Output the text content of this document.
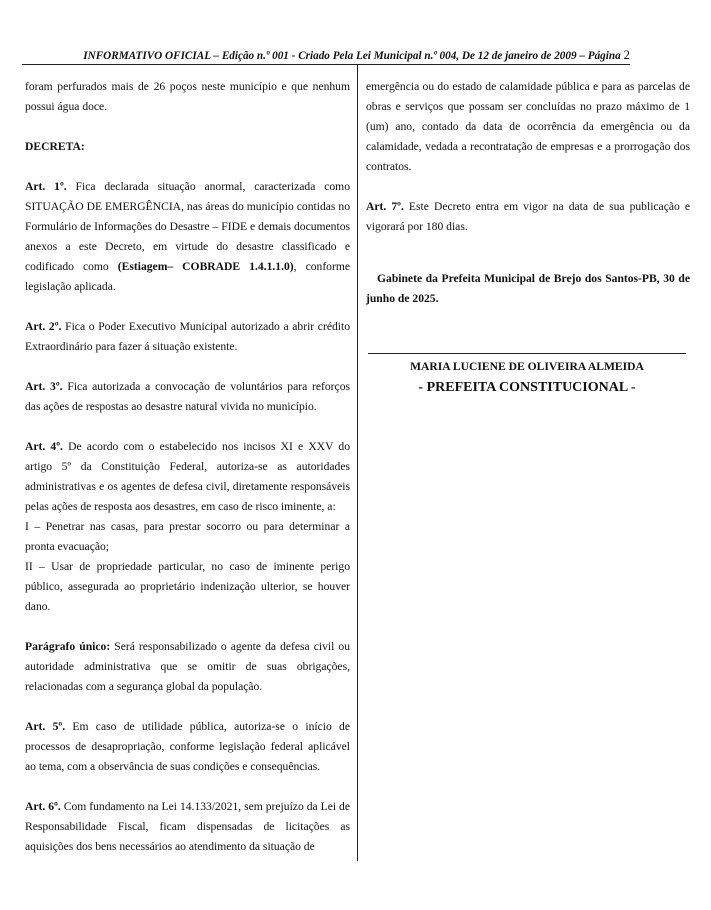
INFORMATIVO OFICIAL – Edição n.º 001 - Criado Pela Lei Municipal n.º 004, De 12 de janeiro de 2009 – Página 2

foram perfurados mais de 26 poços neste município e que nenhum possui água doce.

DECRETA:

Art. 1º. Fica declarada situação anormal, caracterizada como SITUAÇÃO DE EMERGÊNCIA, nas áreas do município contidas no Formulário de Informações do Desastre – FIDE e demais documentos anexos a este Decreto, em virtude do desastre classificado e codificado como (Estiagem– COBRADE 1.4.1.1.0), conforme legislação aplicada.

Art. 2º. Fica o Poder Executivo Municipal autorizado a abrir crédito Extraordinário para fazer á situação existente.

Art. 3º. Fica autorizada a convocação de voluntários para reforços das ações de respostas ao desastre natural vivida no município.

Art. 4º. De acordo com o estabelecido nos incisos XI e XXV do artigo 5º da Constituição Federal, autoriza-se as autoridades administrativas e os agentes de defesa civil, diretamente responsáveis pelas ações de resposta aos desastres, em caso de risco iminente, a:

I – Penetrar nas casas, para prestar socorro ou para determinar a pronta evacuação;

II – Usar de propriedade particular, no caso de iminente perigo público, assegurada ao proprietário indenização ulterior, se houver dano.

Parágrafo único: Será responsabilizado o agente da defesa civil ou autoridade administrativa que se omitir de suas obrigações, relacionadas com a segurança global da população.

Art. 5º. Em caso de utilidade pública, autoriza-se o início de processos de desapropriação, conforme legislação federal aplicável ao tema, com a observância de suas condições e consequências.

Art. 6º. Com fundamento na Lei 14.133/2021, sem prejuízo da Lei de Responsabilidade Fiscal, ficam dispensadas de licitações as aquisições dos bens necessários ao atendimento da situação de

emergência ou do estado de calamidade pública e para as parcelas de obras e serviços que possam ser concluídas no prazo máximo de 1 (um) ano, contado da data de ocorrência da emergência ou da calamidade, vedada a recontratação de empresas e a prorrogação dos contratos.

Art. 7º. Este Decreto entra em vigor na data de sua publicação e vigorará por 180 dias.

Gabinete da Prefeita Municipal de Brejo dos Santos-PB, 30 de junho de 2025.

MARIA LUCIENE DE OLIVEIRA ALMEIDA
- PREFEITA CONSTITUCIONAL -
